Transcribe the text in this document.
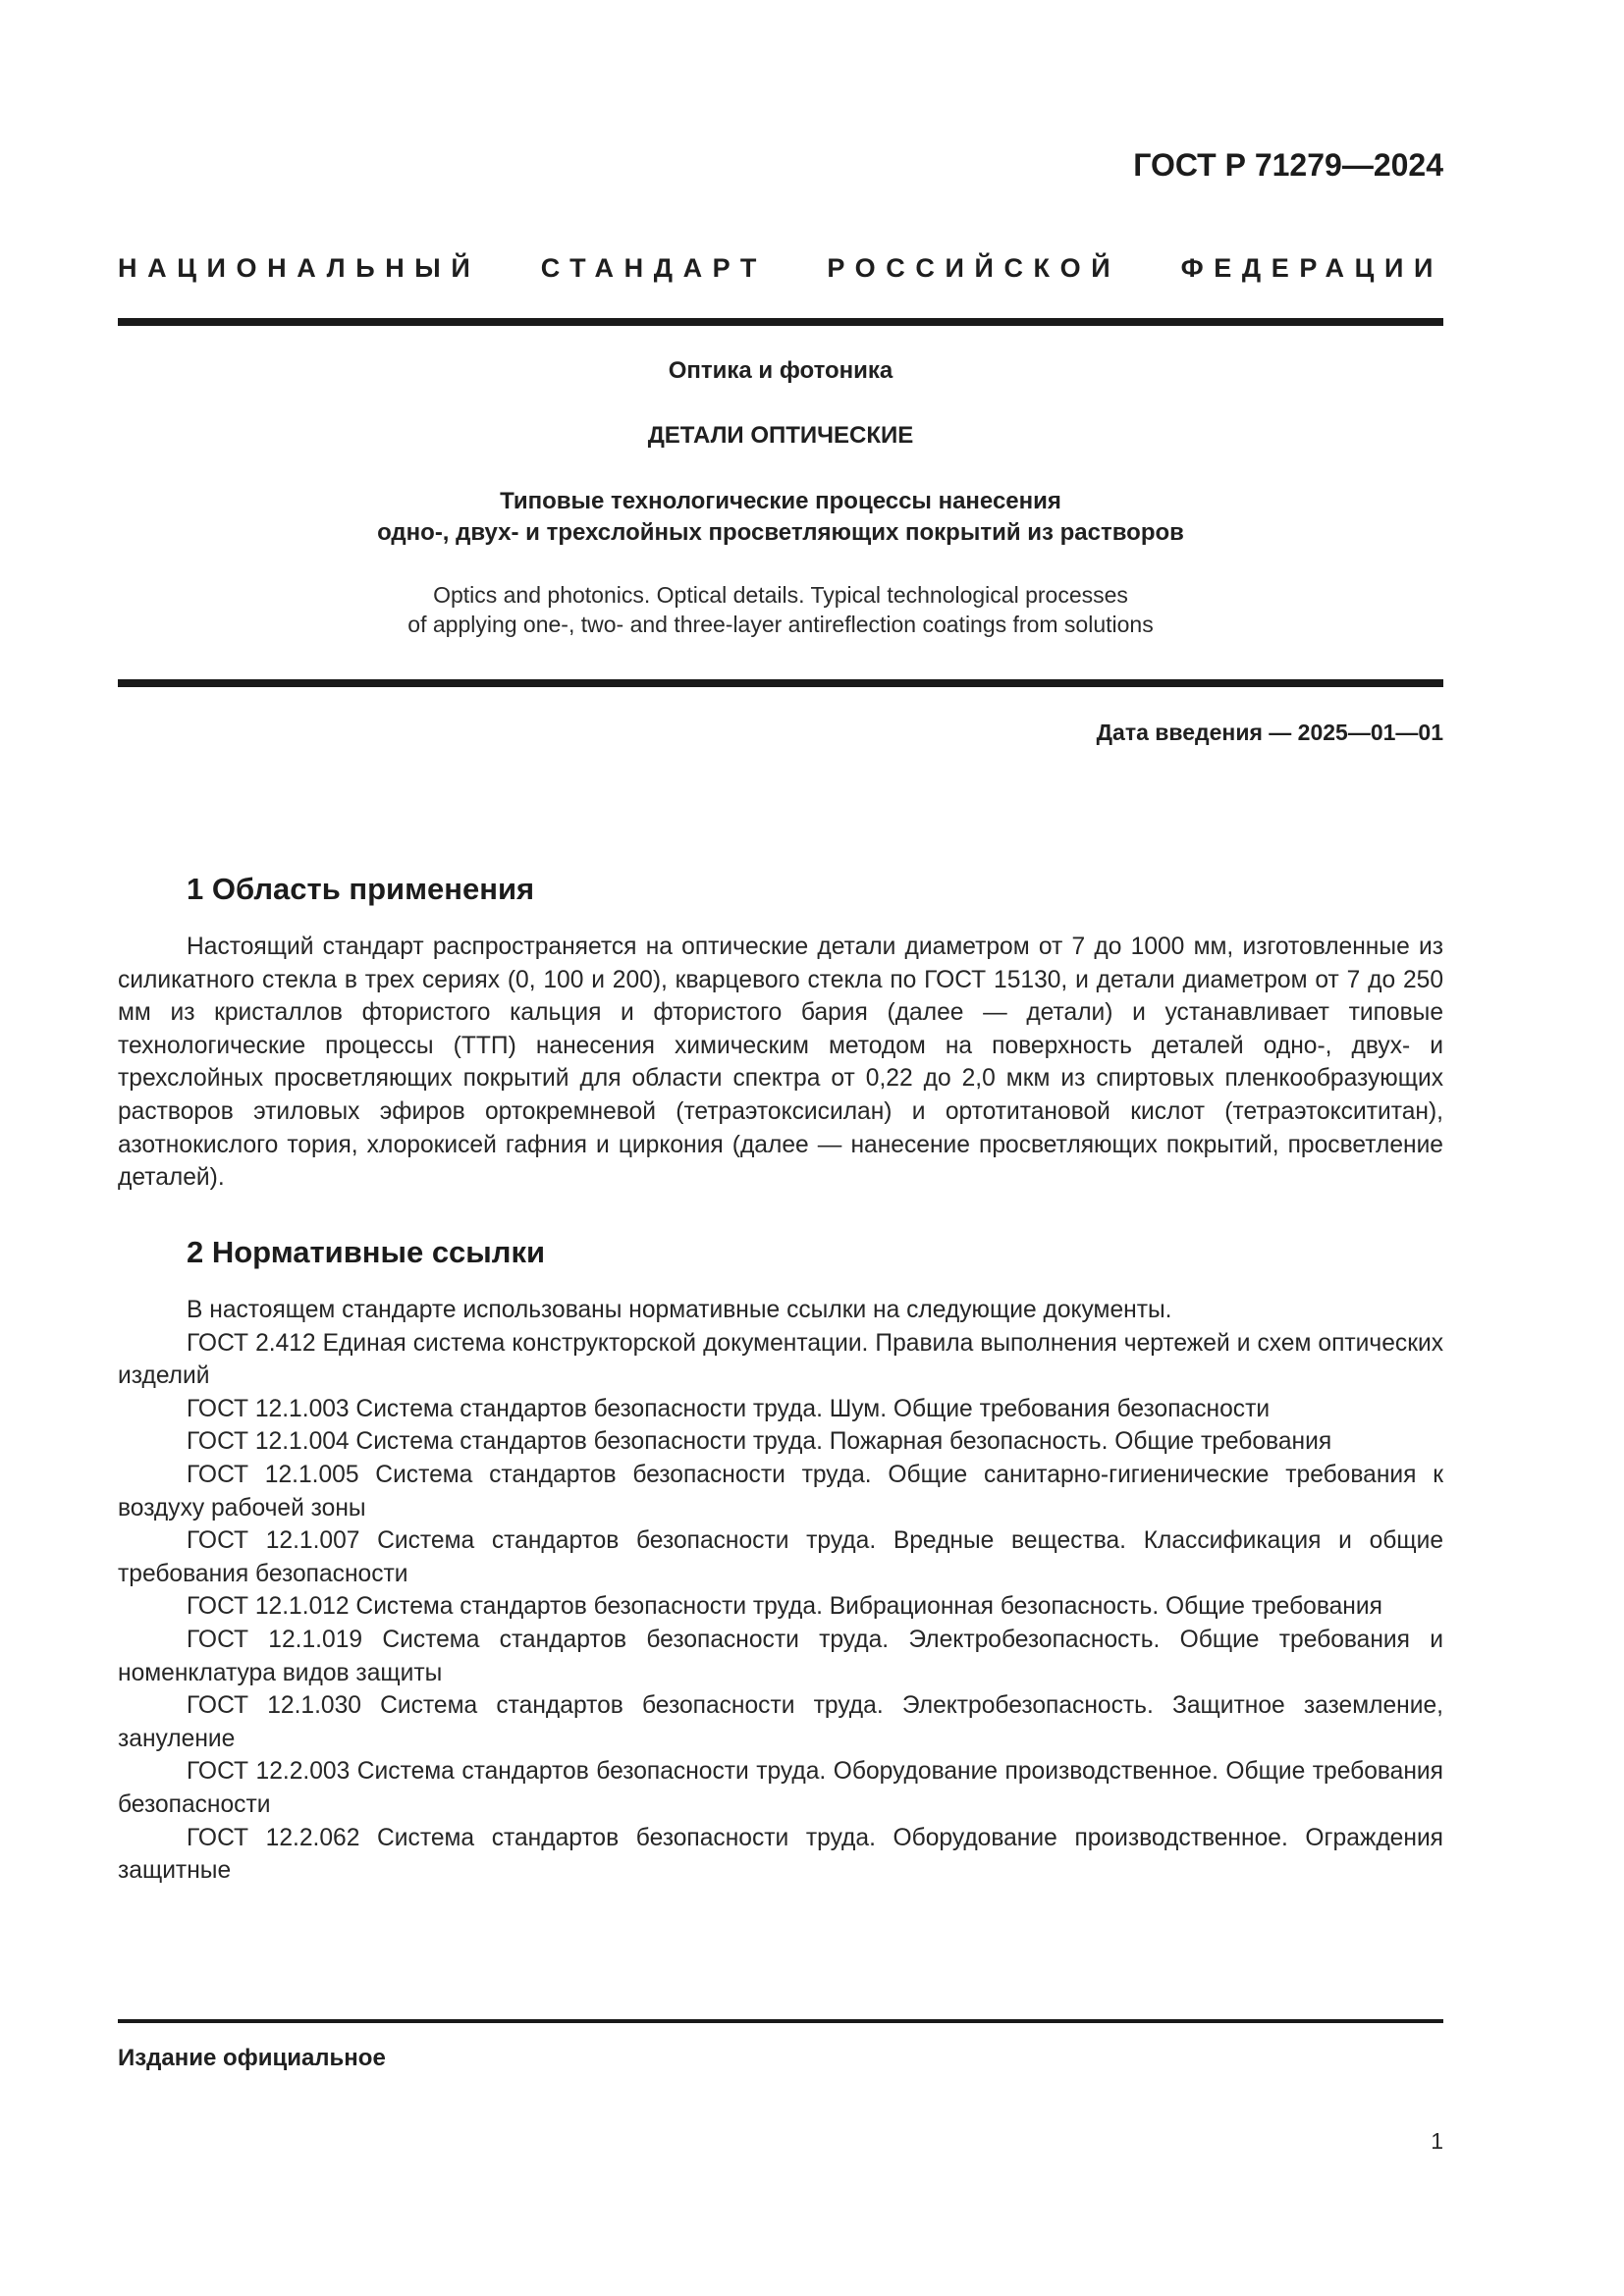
ГОСТ Р 71279—2024
НАЦИОНАЛЬНЫЙ СТАНДАРТ РОССИЙСКОЙ ФЕДЕРАЦИИ
Оптика и фотоника
ДЕТАЛИ ОПТИЧЕСКИЕ
Типовые технологические процессы нанесения
одно-, двух- и трехслойных просветляющих покрытий из растворов
Optics and photonics. Optical details. Typical technological processes
of applying one-, two- and three-layer antireflection coatings from solutions
Дата введения — 2025—01—01
1 Область применения

Настоящий стандарт распространяется на оптические детали диаметром от 7 до 1000 мм, изготовленные из силикатного стекла в трех сериях (0, 100 и 200), кварцевого стекла по ГОСТ 15130, и детали диаметром от 7 до 250 мм из кристаллов фтористого кальция и фтористого бария (далее — детали) и устанавливает типовые технологические процессы (ТТП) нанесения химическим методом на поверхность деталей одно-, двух- и трехслойных просветляющих покрытий для области спектра от 0,22 до 2,0 мкм из спиртовых пленкообразующих растворов этиловых эфиров ортокремневой (тетраэтоксисилан) и ортотитановой кислот (тетраэтоксититан), азотнокислого тория, хлорокисей гафния и циркония (далее — нанесение просветляющих покрытий, просветление деталей).

2 Нормативные ссылки

В настоящем стандарте использованы нормативные ссылки на следующие документы.

ГОСТ 2.412 Единая система конструкторской документации. Правила выполнения чертежей и схем оптических изделий

ГОСТ 12.1.003 Система стандартов безопасности труда. Шум. Общие требования безопасности

ГОСТ 12.1.004 Система стандартов безопасности труда. Пожарная безопасность. Общие требования

ГОСТ 12.1.005 Система стандартов безопасности труда. Общие санитарно-гигиенические требования к воздуху рабочей зоны

ГОСТ 12.1.007 Система стандартов безопасности труда. Вредные вещества. Классификация и общие требования безопасности

ГОСТ 12.1.012 Система стандартов безопасности труда. Вибрационная безопасность. Общие требования

ГОСТ 12.1.019 Система стандартов безопасности труда. Электробезопасность. Общие требования и номенклатура видов защиты

ГОСТ 12.1.030 Система стандартов безопасности труда. Электробезопасность. Защитное заземление, зануление

ГОСТ 12.2.003 Система стандартов безопасности труда. Оборудование производственное. Общие требования безопасности

ГОСТ 12.2.062 Система стандартов безопасности труда. Оборудование производственное. Ограждения защитные

Издание официальное
1
